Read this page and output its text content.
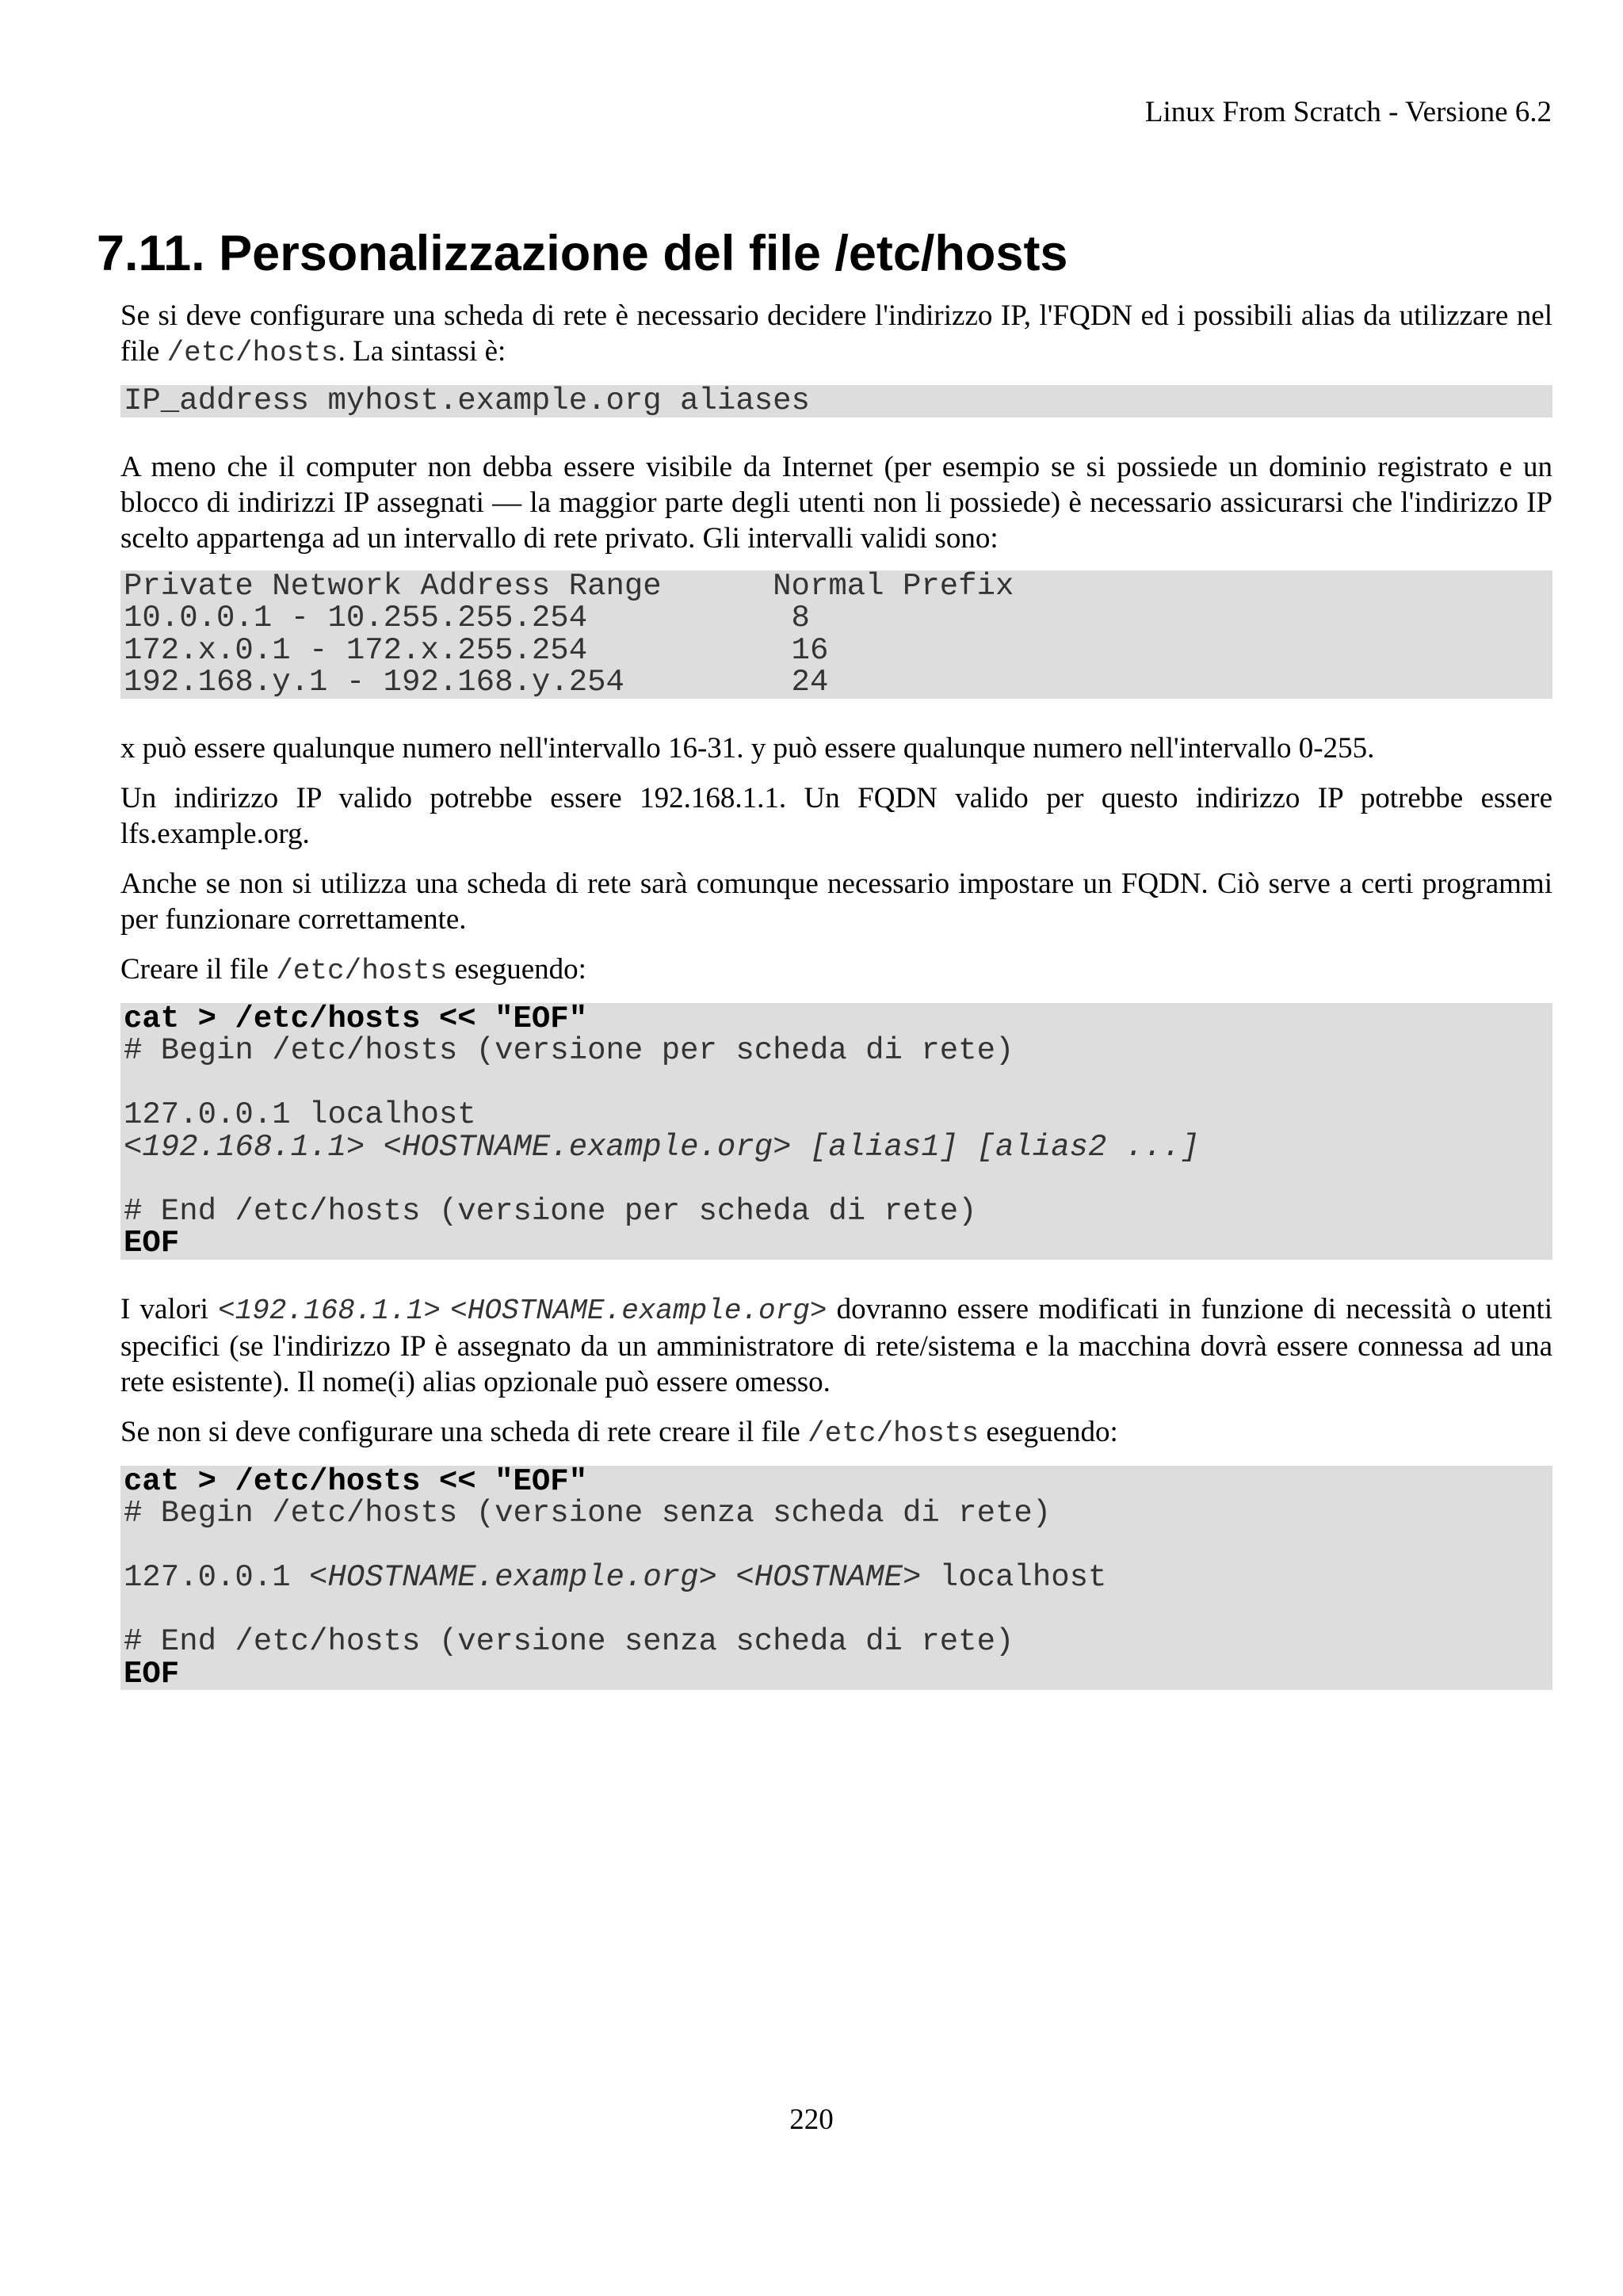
Linux From Scratch - Versione 6.2
7.11. Personalizzazione del file /etc/hosts

Se si deve configurare una scheda di rete è necessario decidere l'indirizzo IP, l'FQDN ed i possibili alias da utilizzare nel file /etc/hosts. La sintassi è:

IP_address myhost.example.org aliases

A meno che il computer non debba essere visibile da Internet (per esempio se si possiede un dominio registrato e un blocco di indirizzi IP assegnati — la maggior parte degli utenti non li possiede) è necessario assicurarsi che l'indirizzo IP scelto appartenga ad un intervallo di rete privato. Gli intervalli validi sono:

Private Network Address Range      Normal Prefix
10.0.0.1 - 10.255.255.254           8
172.x.0.1 - 172.x.255.254           16
192.168.y.1 - 192.168.y.254         24

x può essere qualunque numero nell'intervallo 16-31. y può essere qualunque numero nell'intervallo 0-255.

Un indirizzo IP valido potrebbe essere 192.168.1.1. Un FQDN valido per questo indirizzo IP potrebbe essere lfs.example.org.

Anche se non si utilizza una scheda di rete sarà comunque necessario impostare un FQDN. Ciò serve a certi programmi per funzionare correttamente.

Creare il file /etc/hosts eseguendo:

cat > /etc/hosts << "EOF"
# Begin /etc/hosts (versione per scheda di rete)
127.0.0.1 localhost
<192.168.1.1> <HOSTNAME.example.org> [alias1] [alias2 ...]
# End /etc/hosts (versione per scheda di rete)
EOF

I valori <192.168.1.1> <HOSTNAME.example.org> dovranno essere modificati in funzione di necessità o utenti specifici (se l'indirizzo IP è assegnato da un amministratore di rete/sistema e la macchina dovrà essere connessa ad una rete esistente). Il nome(i) alias opzionale può essere omesso.

Se non si deve configurare una scheda di rete creare il file /etc/hosts eseguendo:

cat > /etc/hosts << "EOF"
# Begin /etc/hosts (versione senza scheda di rete)
127.0.0.1 <HOSTNAME.example.org> <HOSTNAME> localhost
# End /etc/hosts (versione senza scheda di rete)
EOF
220
